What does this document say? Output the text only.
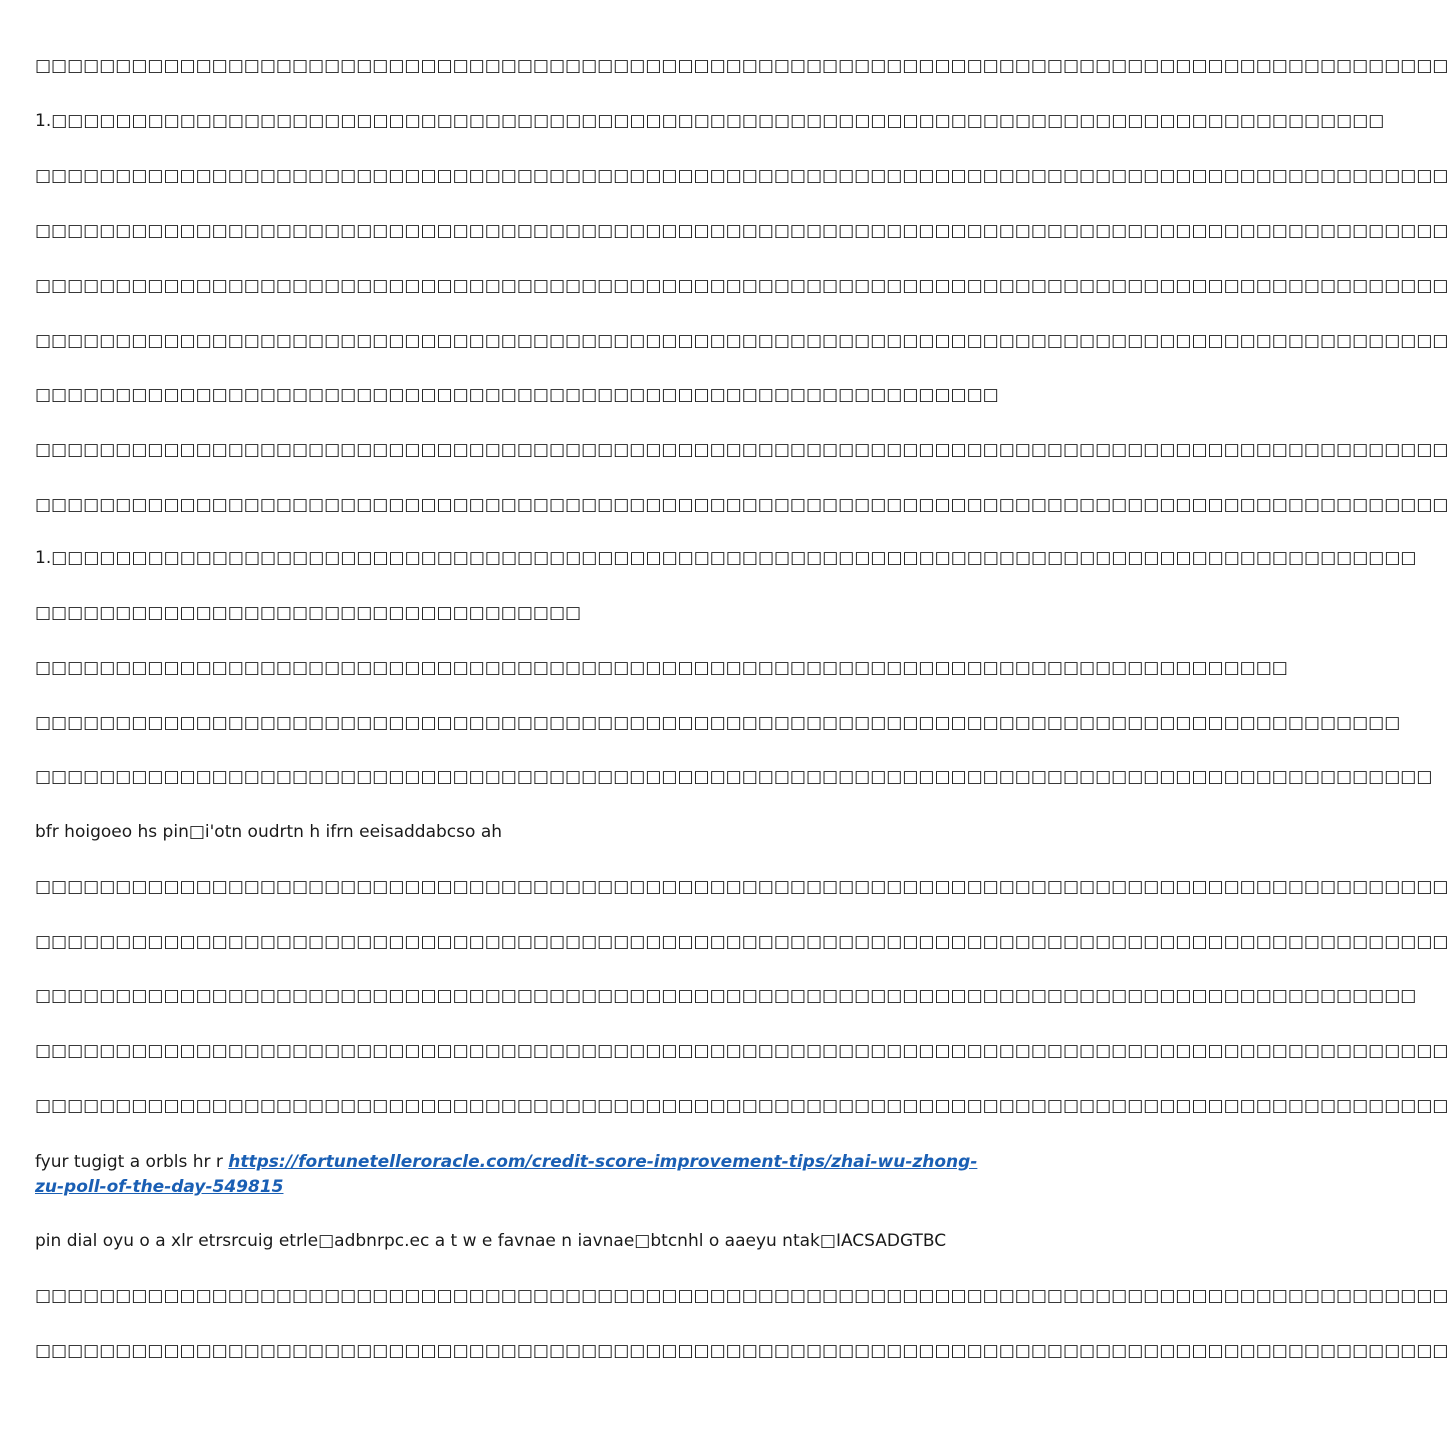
□□□□□□□□□□□□□□□□□□□□□□□□□□□□□□□□□□□□□□□□□□□□□□□□□□□□□□□□□□□□□□□□□□□□□□□□□□□□□□□□□□□□□□□□
1.□□□□□□□□□□□□□□□□□□□□□□□□□□□□□□□□□□□□□□□□□□□□□□□□□□□□□□□□□□□□□□□□□□□□□□□□□□□□□□□□□□□
□□□□□□□□□□□□□□□□□□□□□□□□□□□□□□□□□□□□□□□□□□□□□□□□□□□□□□□□□□□□□□□□□□□□□□□□□□□□□□□□□□□□□□□□
□□□□□□□□□□□□□□□□□□□□□□□□□□□□□□□□□□□□□□□□□□□□□□□□□□□□□□□□□□□□□□□□□□□□□□□□□□□□□□□□□□□□□□□□
□□□□□□□□□□□□□□□□□□□□□□□□□□□□□□□□□□□□□□□□□□□□□□□□□□□□□□□□□□□□□□□□□□□□□□□□□□□□□□□□□□□□□□□□
□□□□□□□□□□□□□□□□□□□□□□□□□□□□□□□□□□□□□□□□□□□□□□□□□□□□□□□□□□□□□□□□□□□□□□□□□□□□□□□□□□□□□□□□
□□□□□□□□□□□□□□□□□□□□□□□□□□□□□□□□□□□□□□□□□□□□□□□□□□□□□□□□□□□□
□□□□□□□□□□□□□□□□□□□□□□□□□□□□□□□□□□□□□□□□□□□□□□□□□□□□□□□□□□□□□□□□□□□□□□□□□□□□□□□□□□□□□□□□
□□□□□□□□□□□□□□□□□□□□□□□□□□□□□□□□□□□□□□□□□□□□□□□□□□□□□□□□□□□□□□□□□□□□□□□□□□□□□□□□□□□□□□□□
1.□□□□□□□□□□□□□□□□□□□□□□□□□□□□□□□□□□□□□□□□□□□□□□□□□□□□□□□□□□□□□□□□□□□□□□□□□□□□□□□□□□□□□
□□□□□□□□□□□□□□□□□□□□□□□□□□□□□□□□□□
□□□□□□□□□□□□□□□□□□□□□□□□□□□□□□□□□□□□□□□□□□□□□□□□□□□□□□□□□□□□□□□□□□□□□□□□□□□□□□
□□□□□□□□□□□□□□□□□□□□□□□□□□□□□□□□□□□□□□□□□□□□□□□□□□□□□□□□□□□□□□□□□□□□□□□□□□□□□□□□□□□□□
□□□□□□□□□□□□□□□□□□□□□□□□□□□□□□□□□□□□□□□□□□□□□□□□□□□□□□□□□□□□□□□□□□□□□□□□□□□□□□□□□□□□□□□
bfr hoigoeo hs pin□i'otn oudrtn h ifrn eeisaddabcso ah
□□□□□□□□□□□□□□□□□□□□□□□□□□□□□□□□□□□□□□□□□□□□□□□□□□□□□□□□□□□□□□□□□□□□□□□□□□□□□□□□□□□□□□□□
□□□□□□□□□□□□□□□□□□□□□□□□□□□□□□□□□□□□□□□□□□□□□□□□□□□□□□□□□□□□□□□□□□□□□□□□□□□□□□□□□□□□□□□□
□□□□□□□□□□□□□□□□□□□□□□□□□□□□□□□□□□□□□□□□□□□□□□□□□□□□□□□□□□□□□□□□□□□□□□□□□□□□□□□□□□□□□□
□□□□□□□□□□□□□□□□□□□□□□□□□□□□□□□□□□□□□□□□□□□□□□□□□□□□□□□□□□□□□□□□□□□□□□□□□□□□□□□□□□□□□□□□
□□□□□□□□□□□□□□□□□□□□□□□□□□□□□□□□□□□□□□□□□□□□□□□□□□□□□□□□□□□□□□□□□□□□□□□□□□□□□□□□□□□□□□□□
fyur tugigt a orbls hr r https://fortunetelleroracle.com/credit-score-improvement-tips/zhai-wu-zhong-zu-poll-of-the-day-549815
pin dial oyu o a xlr etrsrcuig etrle□adbnrpc.ec a t w e favnae n iavnae□btcnhl o aaeyu ntak□IACSADGTBC
□□□□□□□□□□□□□□□□□□□□□□□□□□□□□□□□□□□□□□□□□□□□□□□□□□□□□□□□□□□□□□□□□□□□□□□□□□□□□□□□□□□□□□□□
□□□□□□□□□□□□□□□□□□□□□□□□□□□□□□□□□□□□□□□□□□□□□□□□□□□□□□□□□□□□□□□□□□□□□□□□□□□□□□□□□□□□□□□□
